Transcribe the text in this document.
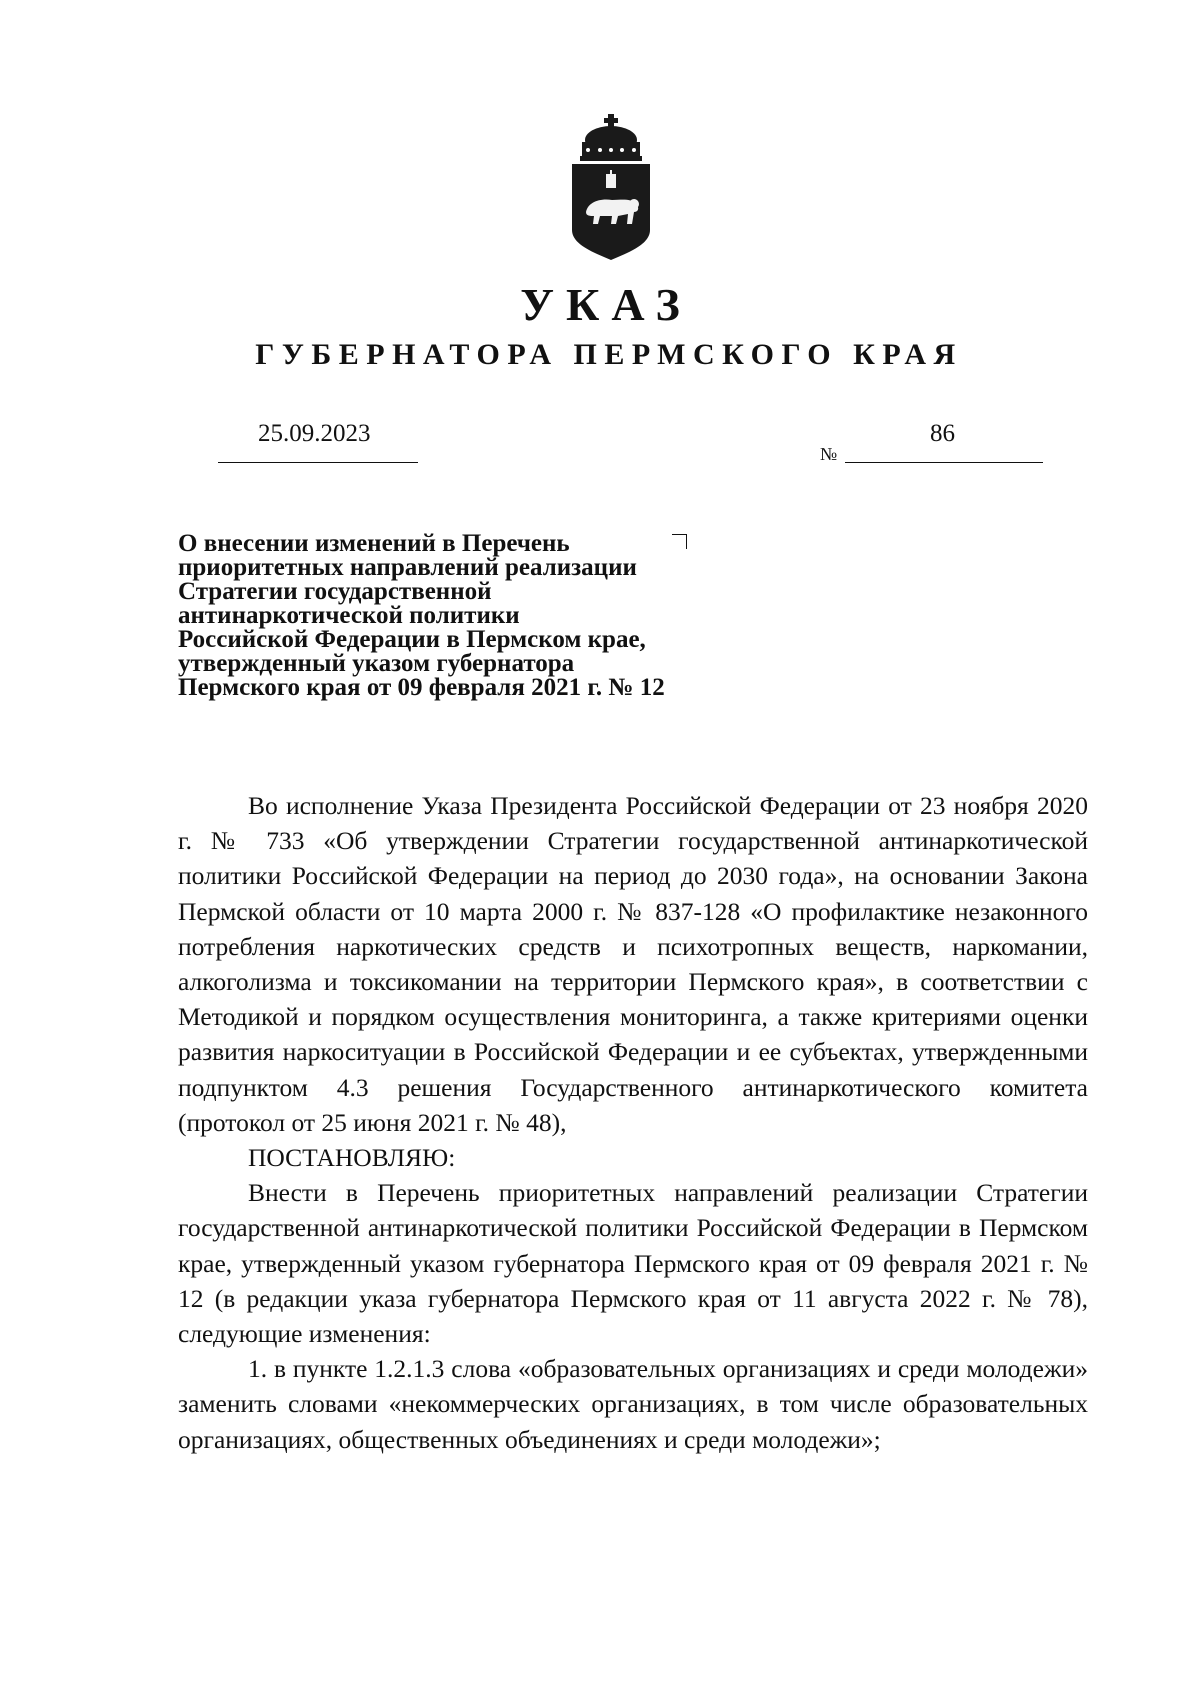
УКАЗ
ГУБЕРНАТОРА ПЕРМСКОГО КРАЯ
25.09.2023
№
86
О внесении изменений в Перечень
приоритетных направлений реализации
Стратегии государственной
антинаркотической политики
Российской Федерации в Пермском крае,
утвержденный указом губернатора
Пермского края от 09 февраля 2021 г. № 12

Во исполнение Указа Президента Российской Федерации от 23 ноября 2020 г. № 733 «Об утверждении Стратегии государственной антинаркотической политики Российской Федерации на период до 2030 года», на основании Закона Пермской области от 10 марта 2000 г. № 837-128 «О профилактике незаконного потребления наркотических средств и психотропных веществ, наркомании, алкоголизма и токсикомании на территории Пермского края», в соответствии с Методикой и порядком осуществления мониторинга, а также критериями оценки развития наркоситуации в Российской Федерации и ее субъектах, утвержденными подпунктом 4.3 решения Государственного антинаркотического комитета (протокол от 25 июня 2021 г. № 48),

ПОСТАНОВЛЯЮ:

Внести в Перечень приоритетных направлений реализации Стратегии государственной антинаркотической политики Российской Федерации в Пермском крае, утвержденный указом губернатора Пермского края от 09 февраля 2021 г. № 12 (в редакции указа губернатора Пермского края от 11 августа 2022 г. № 78), следующие изменения:

1. в пункте 1.2.1.3 слова «образовательных организациях и среди молодежи» заменить словами «некоммерческих организациях, в том числе образовательных организациях, общественных объединениях и среди молодежи»;
